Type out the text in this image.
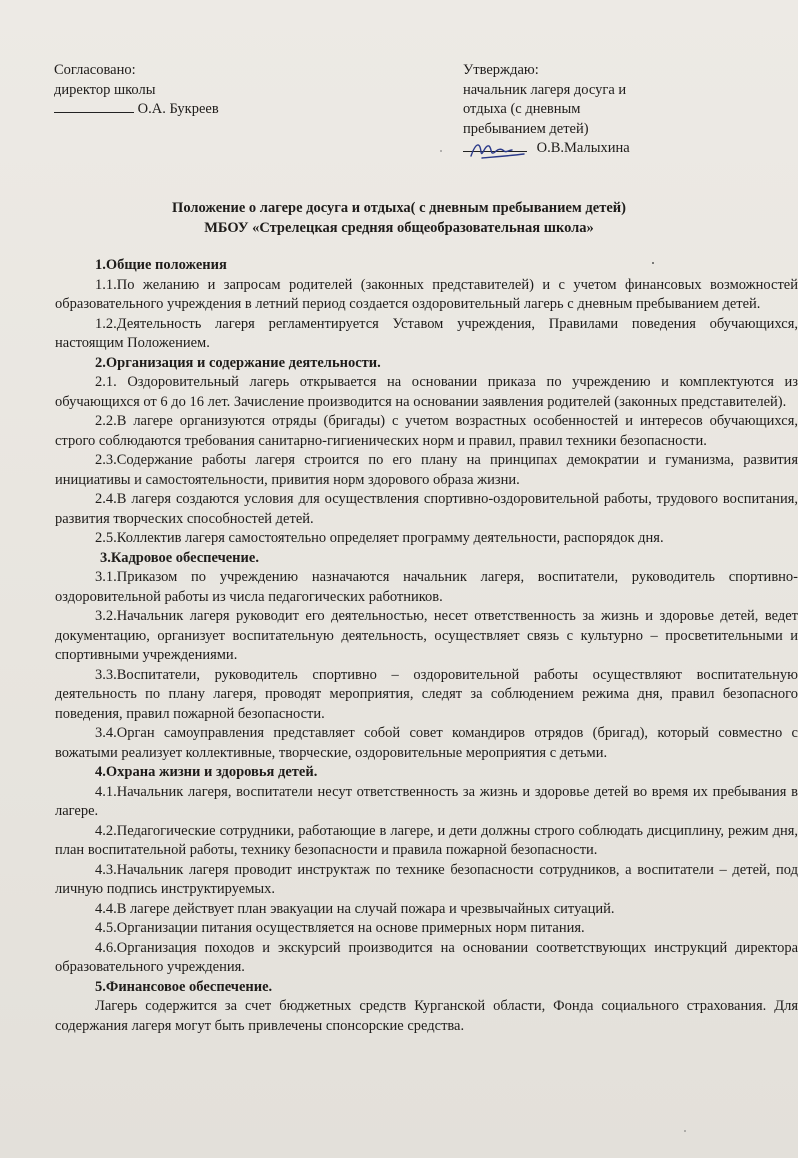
Согласовано:
директор школы
О.А. Букреев
Утверждаю:
начальник лагеря досуга и
отдыха (с дневным
пребыванием детей)
О.В.Малыхина
Положение о лагере досуга и отдыха( с дневным пребыванием детей)
МБОУ «Стрелецкая средняя общеобразовательная школа»

1.Общие положения

1.1.По желанию и запросам родителей (законных представителей) и с учетом финансовых возможностей образовательного учреждения в летний период создается оздоровительный лагерь с дневным пребыванием детей.

1.2.Деятельность лагеря регламентируется Уставом учреждения, Правилами поведения обучающихся, настоящим Положением.

2.Организация и содержание деятельности.

2.1. Оздоровительный лагерь открывается на основании приказа по учреждению и комплектуются из обучающихся от 6 до 16 лет. Зачисление производится на основании заявления родителей (законных представителей).

2.2.В лагере организуются отряды (бригады) с учетом возрастных особенностей и интересов обучающихся, строго соблюдаются требования санитарно-гигиенических норм и правил, правил техники безопасности.

2.3.Содержание работы лагеря строится по его плану на принципах демократии и гуманизма, развития инициативы и самостоятельности, привития норм здорового образа жизни.

2.4.В лагеря создаются условия для осуществления спортивно-оздоровительной работы, трудового воспитания, развития творческих способностей детей.

2.5.Коллектив лагеря самостоятельно определяет программу деятельности, распорядок дня.

3.Кадровое обеспечение.

3.1.Приказом по учреждению назначаются начальник лагеря, воспитатели, руководитель спортивно-оздоровительной работы из числа педагогических работников.

3.2.Начальник лагеря руководит его деятельностью, несет ответственность за жизнь и здоровье детей, ведет документацию, организует воспитательную деятельность, осуществляет связь с культурно – просветительными и спортивными учреждениями.

3.3.Воспитатели, руководитель спортивно – оздоровительной работы осуществляют воспитательную деятельность по плану лагеря, проводят мероприятия, следят за соблюдением режима дня, правил безопасного поведения, правил пожарной безопасности.

3.4.Орган самоуправления представляет собой совет командиров отрядов (бригад), который совместно с вожатыми реализует коллективные, творческие, оздоровительные мероприятия с детьми.

4.Охрана жизни и здоровья детей.

4.1.Начальник лагеря, воспитатели несут ответственность за жизнь и здоровье детей во время их пребывания в лагере.

4.2.Педагогические сотрудники, работающие в лагере, и дети должны строго соблюдать дисциплину, режим дня, план воспитательной работы, технику безопасности и правила пожарной безопасности.

4.3.Начальник лагеря проводит инструктаж по технике безопасности сотрудников, а воспитатели – детей, под личную подпись инструктируемых.

4.4.В лагере действует план эвакуации на случай пожара и чрезвычайных ситуаций.

4.5.Организации питания осуществляется на основе примерных норм питания.

4.6.Организация походов и экскурсий производится на основании соответствующих инструкций директора образовательного учреждения.

5.Финансовое обеспечение.

Лагерь содержится за счет бюджетных средств Курганской области, Фонда социального страхования. Для содержания лагеря могут быть привлечены спонсорские средства.
